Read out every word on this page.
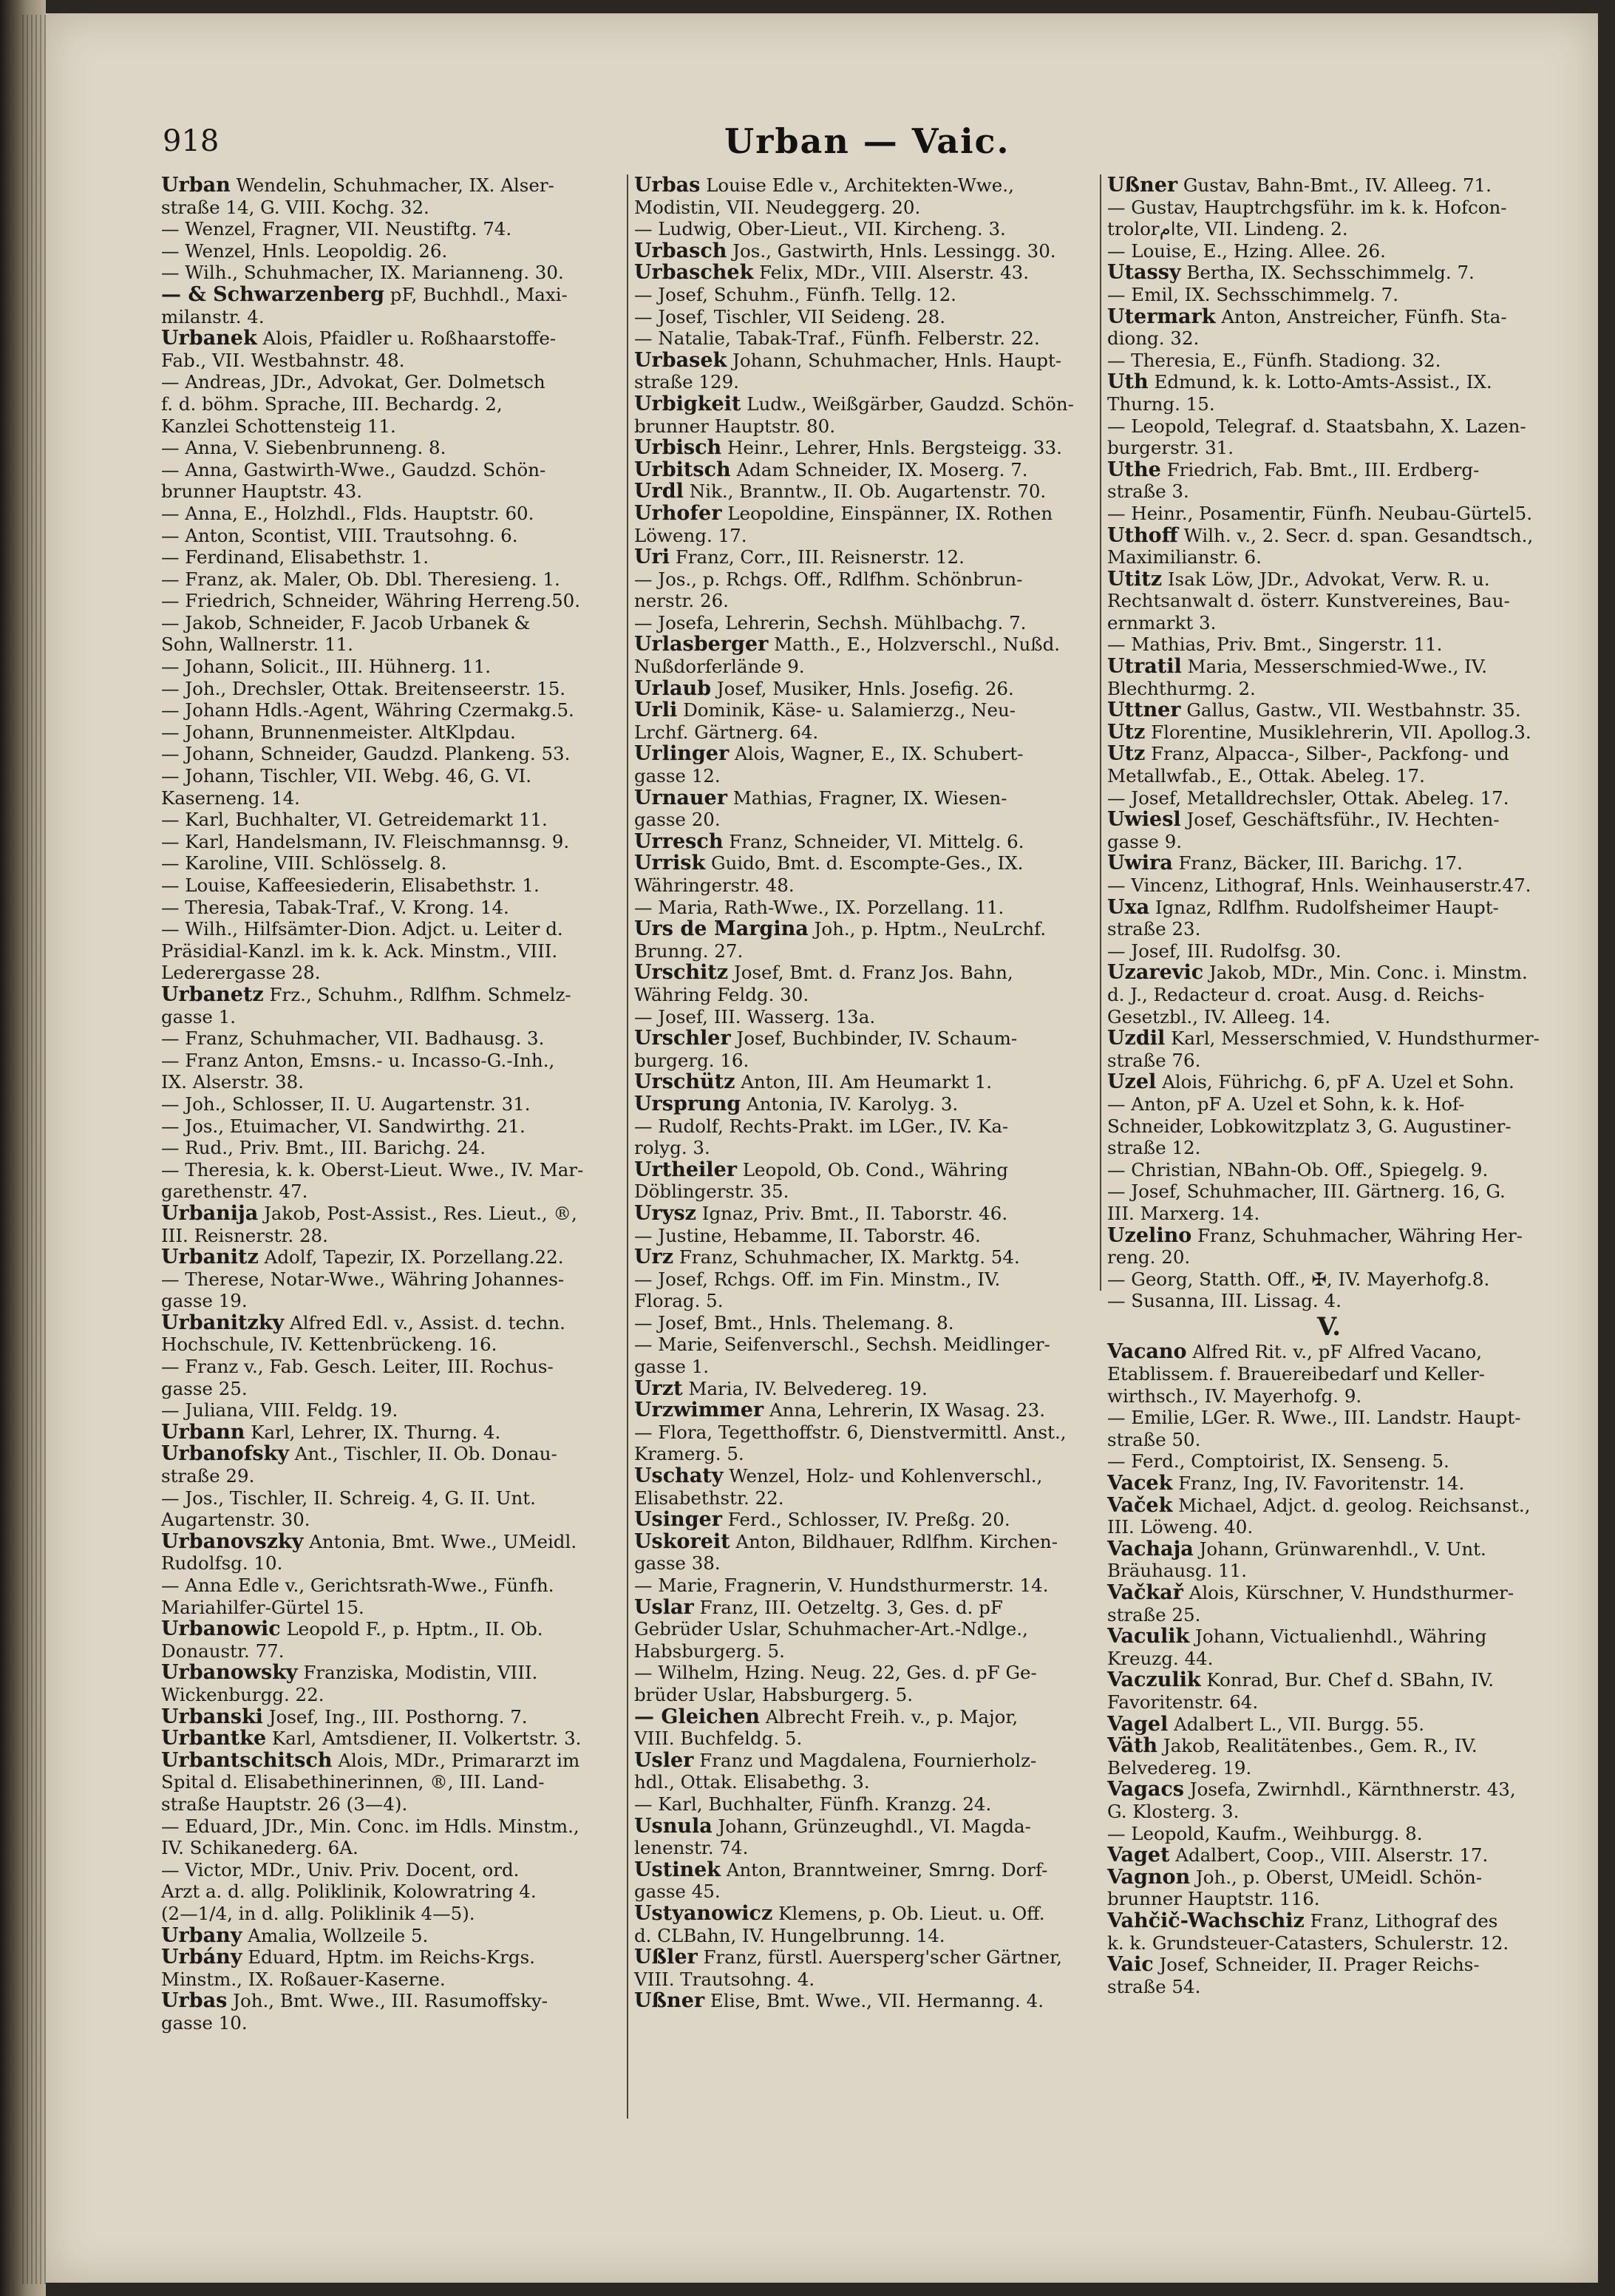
918	Urban — Vaic.
Urban Wendelin, Schuhmacher, IX. Alser-
straße 14, G. VIII. Kochg. 32.
— Wenzel, Fragner, VII. Neustiftg. 74.
— Wenzel, Hnls. Leopoldig. 26.
— Wilh., Schuhmacher, IX. Marianneng. 30.
— & Schwarzenberg pF, Buchhdl., Maxi-
milanstr. 4.
Urbanek Alois, Pfaidler u. Roßhaarstoffe-
Fab., VII. Westbahnstr. 48.
— Andreas, JDr., Advokat, Ger. Dolmetsch
f. d. böhm. Sprache, III. Bechardg. 2,
Kanzlei Schottensteig 11.
— Anna, V. Siebenbrunneng. 8.
— Anna, Gastwirth-Wwe., Gaudzd. Schön-
brunner Hauptstr. 43.
— Anna, E., Holzhdl., Flds. Hauptstr. 60.
— Anton, Scontist, VIII. Trautsohng. 6.
— Ferdinand, Elisabethstr. 1.
— Franz, ak. Maler, Ob. Dbl. Theresieng. 1.
— Friedrich, Schneider, Währing Herreng.50.
— Jakob, Schneider, F. Jacob Urbanek &
Sohn, Wallnerstr. 11.
— Johann, Solicit., III. Hühnerg. 11.
— Joh., Drechsler, Ottak. Breitenseerstr. 15.
— Johann Hdls.-Agent, Währing Czermakg.5.
— Johann, Brunnenmeister. AltKlpdau.
— Johann, Schneider, Gaudzd. Plankeng. 53.
— Johann, Tischler, VII. Webg. 46, G. VI.
Kaserneng. 14.
— Karl, Buchhalter, VI. Getreidemarkt 11.
— Karl, Handelsmann, IV. Fleischmannsg. 9.
— Karoline, VIII. Schlösselg. 8.
— Louise, Kaffeesiederin, Elisabethstr. 1.
— Theresia, Tabak-Traf., V. Krong. 14.
— Wilh., Hilfsämter-Dion. Adjct. u. Leiter d.
Präsidial-Kanzl. im k. k. Ack. Minstm., VIII.
Lederergasse 28.
Urbanetz Frz., Schuhm., Rdlfhm. Schmelz-
gasse 1.
— Franz, Schuhmacher, VII. Badhausg. 3.
— Franz Anton, Emsns.- u. Incasso-G.-Inh.,
IX. Alserstr. 38.
— Joh., Schlosser, II. U. Augartenstr. 31.
— Jos., Etuimacher, VI. Sandwirthg. 21.
— Rud., Priv. Bmt., III. Barichg. 24.
— Theresia, k. k. Oberst-Lieut. Wwe., IV. Mar-
garethenstr. 47.
Urbanija Jakob, Post-Assist., Res. Lieut., ®,
III. Reisnerstr. 28.
Urbanitz Adolf, Tapezir, IX. Porzellang.22.
— Therese, Notar-Wwe., Währing Johannes-
gasse 19.
Urbanitzky Alfred Edl. v., Assist. d. techn.
Hochschule, IV. Kettenbrückeng. 16.
— Franz v., Fab. Gesch. Leiter, III. Rochus-
gasse 25.
— Juliana, VIII. Feldg. 19.
Urbann Karl, Lehrer, IX. Thurng. 4.
Urbanofsky Ant., Tischler, II. Ob. Donau-
straße 29.
— Jos., Tischler, II. Schreig. 4, G. II. Unt.
Augartenstr. 30.
Urbanovszky Antonia, Bmt. Wwe., UMeidl.
Rudolfsg. 10.
— Anna Edle v., Gerichtsrath-Wwe., Fünfh.
Mariahilfer-Gürtel 15.
Urbanowic Leopold F., p. Hptm., II. Ob.
Donaustr. 77.
Urbanowsky Franziska, Modistin, VIII.
Wickenburgg. 22.
Urbanski Josef, Ing., III. Posthorng. 7.
Urbantke Karl, Amtsdiener, II. Volkertstr. 3.
Urbantschitsch Alois, MDr., Primararzt im
Spital d. Elisabethinerinnen, ®, III. Land-
straße Hauptstr. 26 (3—4).
— Eduard, JDr., Min. Conc. im Hdls. Minstm.,
IV. Schikanederg. 6A.
— Victor, MDr., Univ. Priv. Docent, ord.
Arzt a. d. allg. Poliklinik, Kolowratring 4.
(2—1/4, in d. allg. Poliklinik 4—5).
Urbany Amalia, Wollzeile 5.
Urbány Eduard, Hptm. im Reichs-Krgs.
Minstm., IX. Roßauer-Kaserne.
Urbas Joh., Bmt. Wwe., III. Rasumoffsky-
gasse 10.
Urbas Louise Edle v., Architekten-Wwe.,
Modistin, VII. Neudeggerg. 20.
— Ludwig, Ober-Lieut., VII. Kircheng. 3.
Urbasch Jos., Gastwirth, Hnls. Lessingg. 30.
Urbaschek Felix, MDr., VIII. Alserstr. 43.
— Josef, Schuhm., Fünfh. Tellg. 12.
— Josef, Tischler, VII Seideng. 28.
— Natalie, Tabak-Traf., Fünfh. Felberstr. 22.
Urbasek Johann, Schuhmacher, Hnls. Haupt-
straße 129.
Urbigkeit Ludw., Weißgärber, Gaudzd. Schön-
brunner Hauptstr. 80.
Urbisch Heinr., Lehrer, Hnls. Bergsteigg. 33.
Urbitsch Adam Schneider, IX. Moserg. 7.
Urdl Nik., Branntw., II. Ob. Augartenstr. 70.
Urhofer Leopoldine, Einspänner, IX. Rothen
Löweng. 17.
Uri Franz, Corr., III. Reisnerstr. 12.
— Jos., p. Rchgs. Off., Rdlfhm. Schönbrun-
nerstr. 26.
— Josefa, Lehrerin, Sechsh. Mühlbachg. 7.
Urlasberger Matth., E., Holzverschl., Nußd.
Nußdorferlände 9.
Urlaub Josef, Musiker, Hnls. Josefig. 26.
Urli Dominik, Käse- u. Salamierzg., Neu-
Lrchf. Gärtnerg. 64.
Urlinger Alois, Wagner, E., IX. Schubert-
gasse 12.
Urnauer Mathias, Fragner, IX. Wiesen-
gasse 20.
Urresch Franz, Schneider, VI. Mittelg. 6.
Urrisk Guido, Bmt. d. Escompte-Ges., IX.
Währingerstr. 48.
— Maria, Rath-Wwe., IX. Porzellang. 11.
Urs de Margina Joh., p. Hptm., NeuLrchf.
Brunng. 27.
Urschitz Josef, Bmt. d. Franz Jos. Bahn,
Währing Feldg. 30.
— Josef, III. Wasserg. 13a.
Urschler Josef, Buchbinder, IV. Schaum-
burgerg. 16.
Urschütz Anton, III. Am Heumarkt 1.
Ursprung Antonia, IV. Karolyg. 3.
— Rudolf, Rechts-Prakt. im LGer., IV. Ka-
rolyg. 3.
Urtheiler Leopold, Ob. Cond., Währing
Döblingerstr. 35.
Urysz Ignaz, Priv. Bmt., II. Taborstr. 46.
— Justine, Hebamme, II. Taborstr. 46.
Urz Franz, Schuhmacher, IX. Marktg. 54.
— Josef, Rchgs. Off. im Fin. Minstm., IV.
Florag. 5.
— Josef, Bmt., Hnls. Thelemang. 8.
— Marie, Seifenverschl., Sechsh. Meidlinger-
gasse 1.
Urzt Maria, IV. Belvedereg. 19.
Urzwimmer Anna, Lehrerin, IX Wasag. 23.
— Flora, Tegetthoffstr. 6, Dienstvermittl. Anst.,
Kramerg. 5.
Uschaty Wenzel, Holz- und Kohlenverschl.,
Elisabethstr. 22.
Usinger Ferd., Schlosser, IV. Preßg. 20.
Uskoreit Anton, Bildhauer, Rdlfhm. Kirchen-
gasse 38.
— Marie, Fragnerin, V. Hundsthurmerstr. 14.
Uslar Franz, III. Oetzeltg. 3, Ges. d. pF
Gebrüder Uslar, Schuhmacher-Art.-Ndlge.,
Habsburgerg. 5.
— Wilhelm, Hzing. Neug. 22, Ges. d. pF Ge-
brüder Uslar, Habsburgerg. 5.
— Gleichen Albrecht Freih. v., p. Major,
VIII. Buchfeldg. 5.
Usler Franz und Magdalena, Fournierholz-
hdl., Ottak. Elisabethg. 3.
— Karl, Buchhalter, Fünfh. Kranzg. 24.
Usnula Johann, Grünzeughdl., VI. Magda-
lenenstr. 74.
Ustinek Anton, Branntweiner, Smrng. Dorf-
gasse 45.
Ustyanowicz Klemens, p. Ob. Lieut. u. Off.
d. CLBahn, IV. Hungelbrunng. 14.
Ußler Franz, fürstl. Auersperg'scher Gärtner,
VIII. Trautsohng. 4.
Ußner Elise, Bmt. Wwe., VII. Hermanng. 4.
Ußner Gustav, Bahn-Bmt., IV. Alleeg. 71.
— Gustav, Hauptrchgsführ. im k. k. Hofcon-
trolorامte, VII. Lindeng. 2.
— Louise, E., Hzing. Allee. 26.
Utassy Bertha, IX. Sechsschimmelg. 7.
— Emil, IX. Sechsschimmelg. 7.
Utermark Anton, Anstreicher, Fünfh. Sta-
diong. 32.
— Theresia, E., Fünfh. Stadiong. 32.
Uth Edmund, k. k. Lotto-Amts-Assist., IX.
Thurng. 15.
— Leopold, Telegraf. d. Staatsbahn, X. Lazen-
burgerstr. 31.
Uthe Friedrich, Fab. Bmt., III. Erdberg-
straße 3.
— Heinr., Posamentir, Fünfh. Neubau-Gürtel5.
Uthoff Wilh. v., 2. Secr. d. span. Gesandtsch.,
Maximilianstr. 6.
Utitz Isak Löw, JDr., Advokat, Verw. R. u.
Rechtsanwalt d. österr. Kunstvereines, Bau-
ernmarkt 3.
— Mathias, Priv. Bmt., Singerstr. 11.
Utratil Maria, Messerschmied-Wwe., IV.
Blechthurmg. 2.
Uttner Gallus, Gastw., VII. Westbahnstr. 35.
Utz Florentine, Musiklehrerin, VII. Apollog.3.
Utz Franz, Alpacca-, Silber-, Packfong- und
Metallwfab., E., Ottak. Abeleg. 17.
— Josef, Metalldrechsler, Ottak. Abeleg. 17.
Uwiesl Josef, Geschäftsführ., IV. Hechten-
gasse 9.
Uwira Franz, Bäcker, III. Barichg. 17.
— Vincenz, Lithograf, Hnls. Weinhauserstr.47.
Uxa Ignaz, Rdlfhm. Rudolfsheimer Haupt-
straße 23.
— Josef, III. Rudolfsg. 30.
Uzarevic Jakob, MDr., Min. Conc. i. Minstm.
d. J., Redacteur d. croat. Ausg. d. Reichs-
Gesetzbl., IV. Alleeg. 14.
Uzdil Karl, Messerschmied, V. Hundsthurmer-
straße 76.
Uzel Alois, Führichg. 6, pF A. Uzel et Sohn.
— Anton, pF A. Uzel et Sohn, k. k. Hof-
Schneider, Lobkowitzplatz 3, G. Augustiner-
straße 12.
— Christian, NBahn-Ob. Off., Spiegelg. 9.
— Josef, Schuhmacher, III. Gärtnerg. 16, G.
III. Marxerg. 14.
Uzelino Franz, Schuhmacher, Währing Her-
reng. 20.
— Georg, Statth. Off., ✠, IV. Mayerhofg.8.
— Susanna, III. Lissag. 4.
V.
Vacano Alfred Rit. v., pF Alfred Vacano,
Etablissem. f. Brauereibedarf und Keller-
wirthsch., IV. Mayerhofg. 9.
— Emilie, LGer. R. Wwe., III. Landstr. Haupt-
straße 50.
— Ferd., Comptoirist, IX. Senseng. 5.
Vacek Franz, Ing, IV. Favoritenstr. 14.
Vaček Michael, Adjct. d. geolog. Reichsanst.,
III. Löweng. 40.
Vachaja Johann, Grünwarenhdl., V. Unt.
Bräuhausg. 11.
Vačkař Alois, Kürschner, V. Hundsthurmer-
straße 25.
Vaculik Johann, Victualienhdl., Währing
Kreuzg. 44.
Vaczulik Konrad, Bur. Chef d. SBahn, IV.
Favoritenstr. 64.
Vagel Adalbert L., VII. Burgg. 55.
Väth Jakob, Realitätenbes., Gem. R., IV.
Belvedereg. 19.
Vagacs Josefa, Zwirnhdl., Kärnthnerstr. 43,
G. Klosterg. 3.
— Leopold, Kaufm., Weihburgg. 8.
Vaget Adalbert, Coop., VIII. Alserstr. 17.
Vagnon Joh., p. Oberst, UMeidl. Schön-
brunner Hauptstr. 116.
Vahčič-Wachschiz Franz, Lithograf des
k. k. Grundsteuer-Catasters, Schulerstr. 12.
Vaic Josef, Schneider, II. Prager Reichs-
straße 54.
